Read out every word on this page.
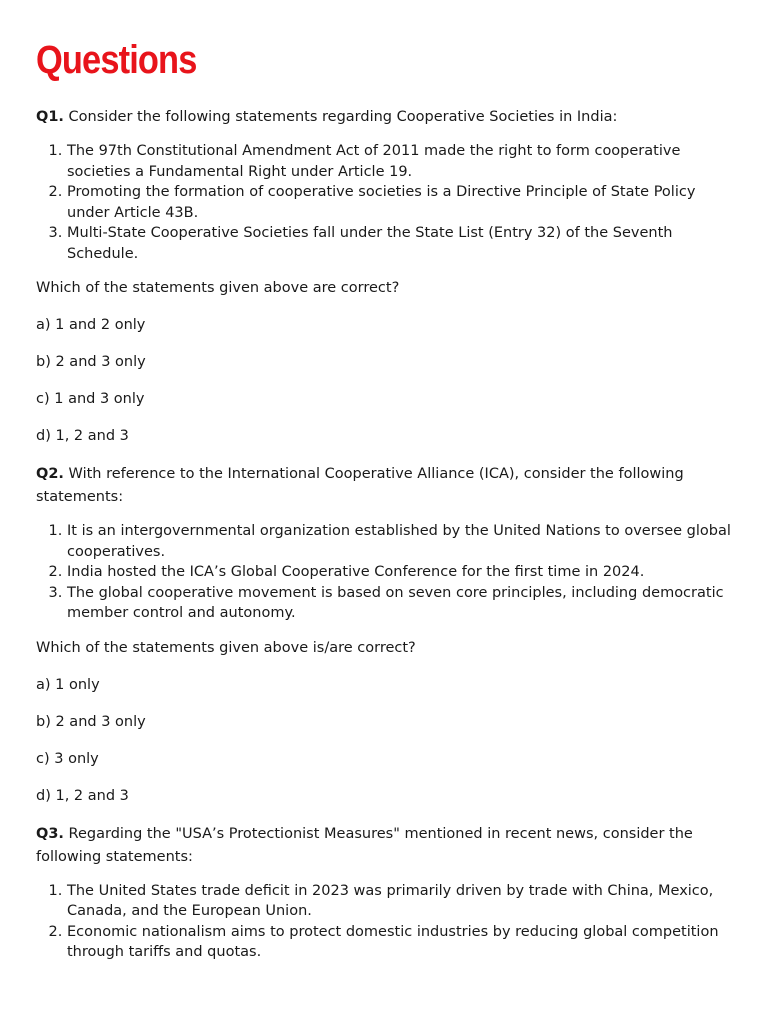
Questions

Q1. Consider the following statements regarding Cooperative Societies in India:

1. The 97th Constitutional Amendment Act of 2011 made the right to form cooperative societies a Fundamental Right under Article 19.
2. Promoting the formation of cooperative societies is a Directive Principle of State Policy under Article 43B.
3. Multi-State Cooperative Societies fall under the State List (Entry 32) of the Seventh Schedule.

Which of the statements given above are correct?

a) 1 and 2 only

b) 2 and 3 only

c) 1 and 3 only

d) 1, 2 and 3

Q2. With reference to the International Cooperative Alliance (ICA), consider the following statements:

1. It is an intergovernmental organization established by the United Nations to oversee global cooperatives.
2. India hosted the ICA’s Global Cooperative Conference for the first time in 2024.
3. The global cooperative movement is based on seven core principles, including democratic member control and autonomy.

Which of the statements given above is/are correct?

a) 1 only

b) 2 and 3 only

c) 3 only

d) 1, 2 and 3

Q3. Regarding the "USA’s Protectionist Measures" mentioned in recent news, consider the following statements:

1. The United States trade deficit in 2023 was primarily driven by trade with China, Mexico, Canada, and the European Union.
2. Economic nationalism aims to protect domestic industries by reducing global competition through tariffs and quotas.
